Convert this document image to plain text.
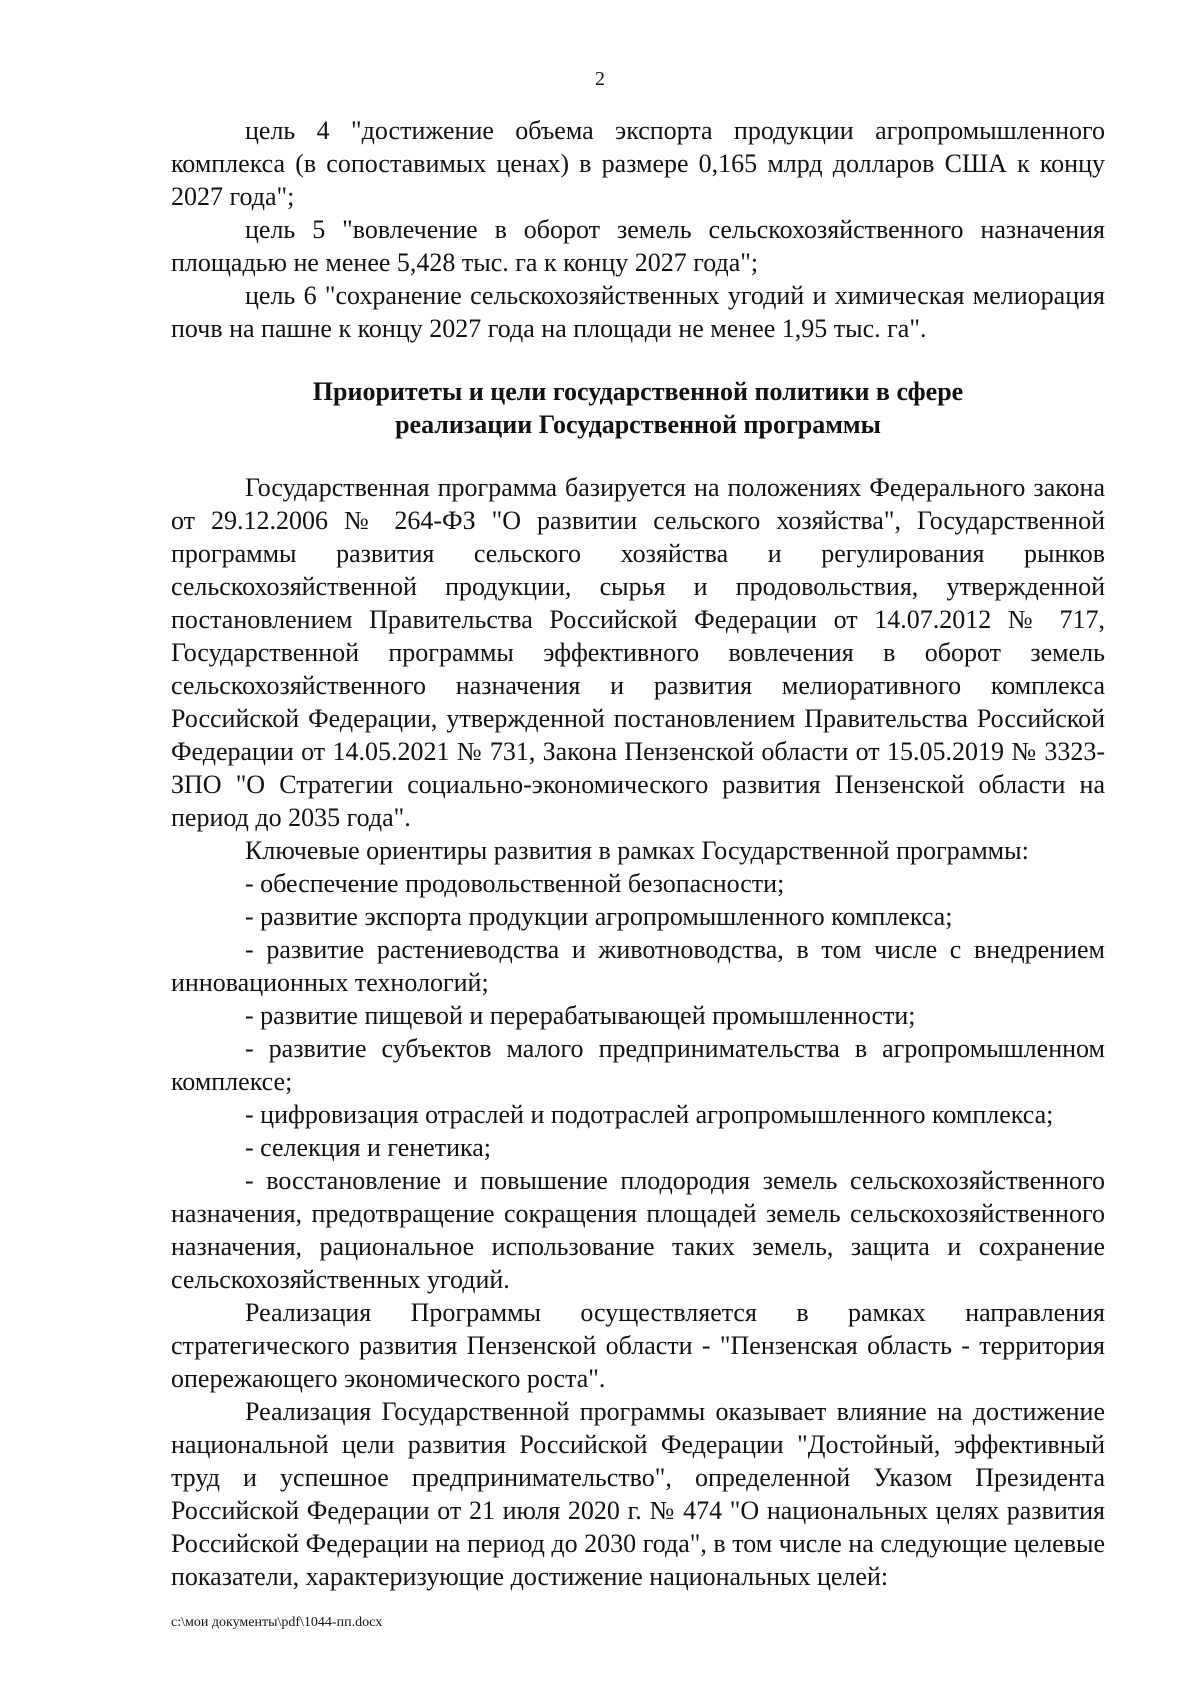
2

цель 4 "достижение объема экспорта продукции агропромышленного комплекса (в сопоставимых ценах) в размере 0,165 млрд долларов США к концу 2027 года";

цель 5 "вовлечение в оборот земель сельскохозяйственного назначения площадью не менее 5,428 тыс. га к концу 2027 года";

цель 6 "сохранение сельскохозяйственных угодий и химическая мелиорация почв на пашне к концу 2027 года на площади не менее 1,95 тыс. га".

Приоритеты и цели государственной политики в сфере
реализации Государственной программы

Государственная программа базируется на положениях Федерального закона от 29.12.2006 № 264-ФЗ "О развитии сельского хозяйства", Государственной программы развития сельского хозяйства и регулирования рынков сельскохозяйственной продукции, сырья и продовольствия, утвержденной постановлением Правительства Российской Федерации от 14.07.2012 № 717, Государственной программы эффективного вовлечения в оборот земель сельскохозяйственного назначения и развития мелиоративного комплекса Российской Федерации, утвержденной постановлением Правительства Российской Федерации от 14.05.2021 № 731, Закона Пензенской области от 15.05.2019 № 3323-ЗПО "О Стратегии социально-экономического развития Пензенской области на период до 2035 года".

Ключевые ориентиры развития в рамках Государственной программы:

- обеспечение продовольственной безопасности;

- развитие экспорта продукции агропромышленного комплекса;

- развитие растениеводства и животноводства, в том числе с внедрением инновационных технологий;

- развитие пищевой и перерабатывающей промышленности;

- развитие субъектов малого предпринимательства в агропромышленном комплексе;

- цифровизация отраслей и подотраслей агропромышленного комплекса;

- селекция и генетика;

- восстановление и повышение плодородия земель сельскохозяйственного назначения, предотвращение сокращения площадей земель сельскохозяйственного назначения, рациональное использование таких земель, защита и сохранение сельскохозяйственных угодий.

Реализация Программы осуществляется в рамках направления стратегического развития Пензенской области - "Пензенская область - территория опережающего экономического роста".

Реализация Государственной программы оказывает влияние на достижение национальной цели развития Российской Федерации "Достойный, эффективный труд и успешное предпринимательство", определенной Указом Президента Российской Федерации от 21 июля 2020 г. № 474 "О национальных целях развития Российской Федерации на период до 2030 года", в том числе на следующие целевые показатели, характеризующие достижение национальных целей:

c:\мои документы\pdf\1044-пп.docx
